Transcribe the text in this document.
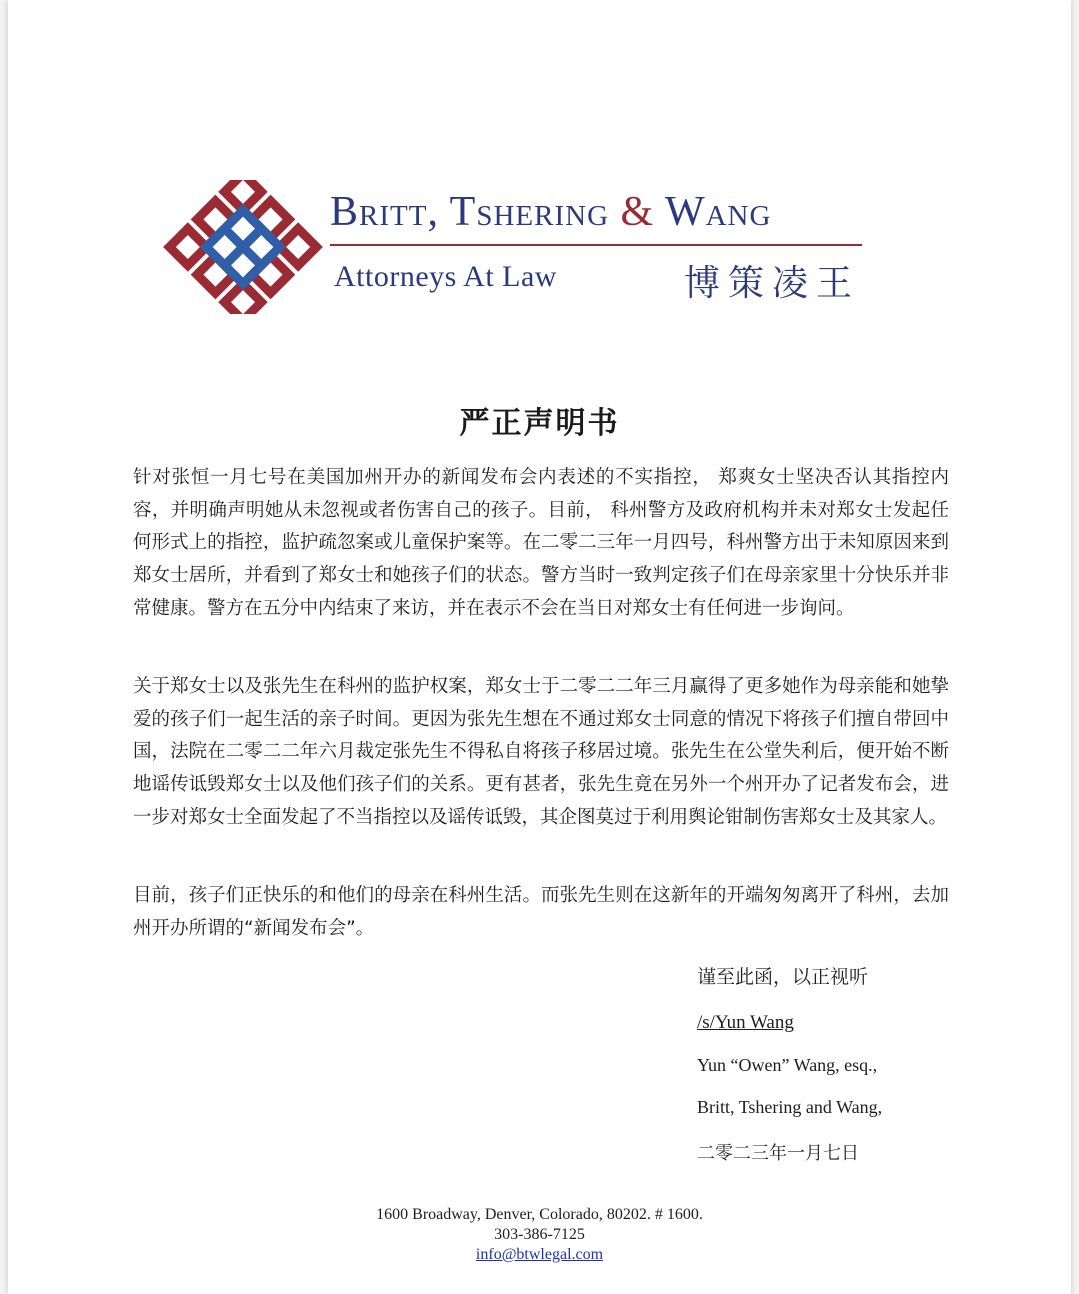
Britt, Tshering & Wang
Attorneys At Law	博策凌王
严正声明书

针对张恒一月七号在美国加州开办的新闻发布会内表述的不实指控， 郑爽女士坚决否认其指控内容，并明确声明她从未忽视或者伤害自己的孩子。目前， 科州警方及政府机构并未对郑女士发起任何形式上的指控，监护疏忽案或儿童保护案等。在二零二三年一月四号，科州警方出于未知原因来到郑女士居所，并看到了郑女士和她孩子们的状态。警方当时一致判定孩子们在母亲家里十分快乐并非常健康。警方在五分中内结束了来访，并在表示不会在当日对郑女士有任何进一步询问。

关于郑女士以及张先生在科州的监护权案，郑女士于二零二二年三月赢得了更多她作为母亲能和她挚爱的孩子们一起生活的亲子时间。更因为张先生想在不通过郑女士同意的情况下将孩子们擅自带回中国，法院在二零二二年六月裁定张先生不得私自将孩子移居过境。张先生在公堂失利后，便开始不断地谣传诋毁郑女士以及他们孩子们的关系。更有甚者，张先生竟在另外一个州开办了记者发布会，进一步对郑女士全面发起了不当指控以及谣传诋毁，其企图莫过于利用舆论钳制伤害郑女士及其家人。

目前，孩子们正快乐的和他们的母亲在科州生活。而张先生则在这新年的开端匆匆离开了科州，去加州开办所谓的“新闻发布会”。

谨至此函，以正视听
/s/Yun Wang
Yun “Owen” Wang, esq.,
Britt, Tshering and Wang,
二零二三年一月七日
1600 Broadway, Denver, Colorado, 80202. # 1600.
303-386-7125
info@btwlegal.com
